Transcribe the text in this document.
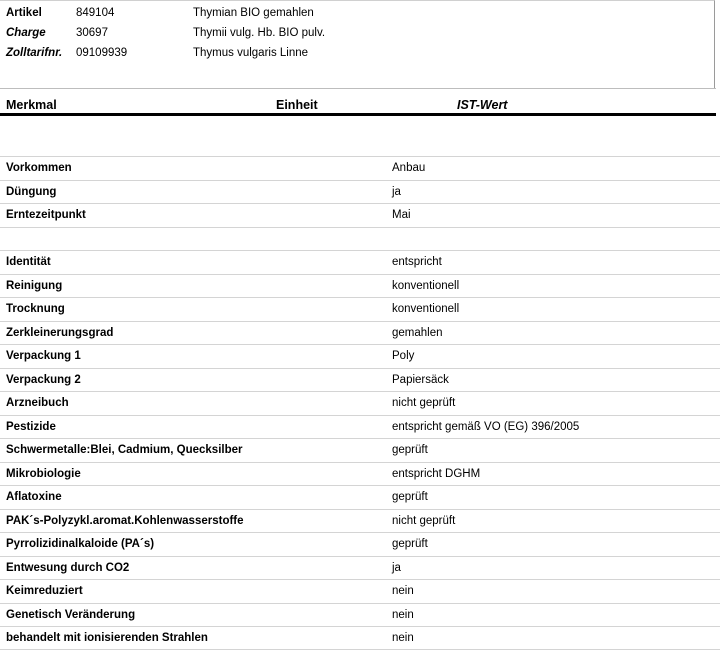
Artikel	849104	Thymian BIO gemahlen
Charge	30697	Thymii vulg. Hb. BIO pulv.
Zolltarifnr. 09109939	Thymus vulgaris Linne
Merkmal	Einheit	IST-Wert
Vorkommen	Anbau
Düngung	ja
Erntezeitpunkt	Mai
Identität	entspricht
Reinigung	konventionell
Trocknung	konventionell
Zerkleinerungsgrad	gemahlen
Verpackung 1	Poly
Verpackung 2	Papiersäck
Arzneibuch	nicht geprüft
Pestizide	entspricht gemäß VO (EG) 396/2005
Schwermetalle:Blei, Cadmium, Quecksilber	geprüft
Mikrobiologie	entspricht DGHM
Aflatoxine	geprüft
PAK´s-Polyzykl.aromat.Kohlenwasserstoffe	nicht geprüft
Pyrrolizidinalkaloide (PA´s)	geprüft
Entwesung durch CO2	ja
Keimreduziert	nein
Genetisch Veränderung	nein
behandelt mit ionisierenden Strahlen	nein
